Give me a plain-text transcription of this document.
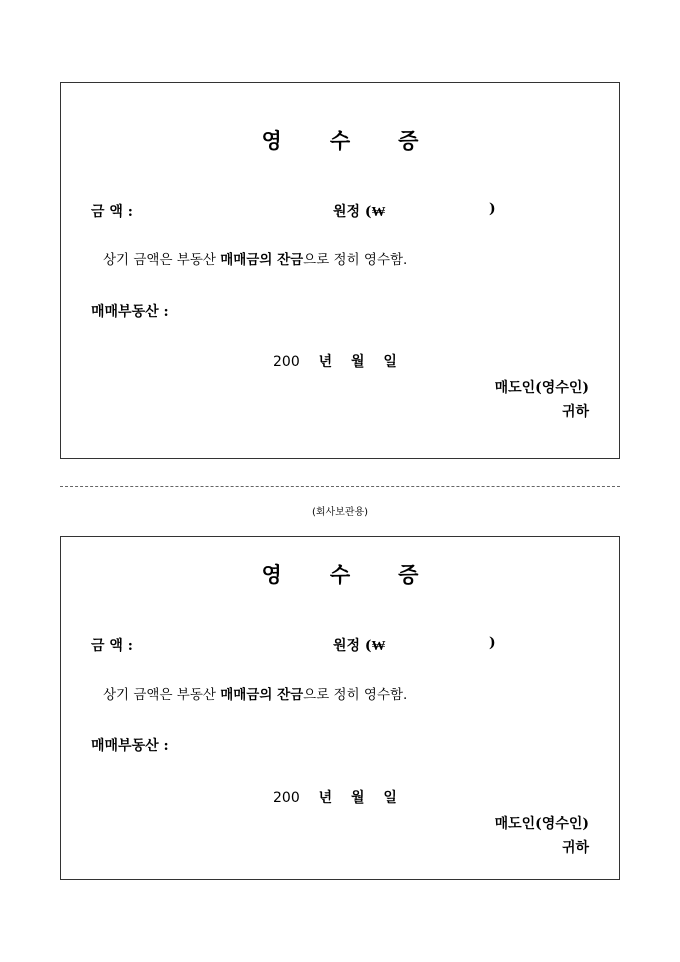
영 수 증
금 액 :	원정 (₩	)
상기 금액은 부동산 매매금의 잔금으로 정히 영수함.
매매부동산 :
200 년 월 일
매도인(영수인)
귀하
(회사보관용)
영 수 증
금 액 :	원정 (₩	)
상기 금액은 부동산 매매금의 잔금으로 정히 영수함.
매매부동산 :
200 년 월 일
매도인(영수인)
귀하
